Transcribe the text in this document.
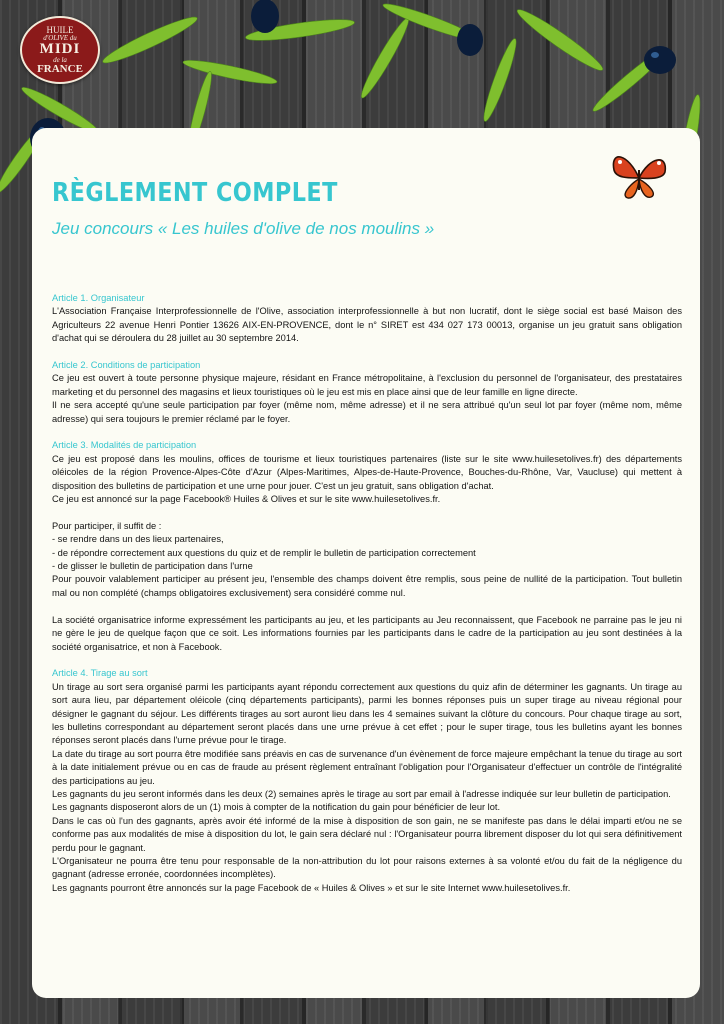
HUILE
d'OLIVE du
MIDI
de la
FRANCE
RÈGLEMENT COMPLET
Jeu concours « Les huiles d'olive de nos moulins »
Article 1. Organisateur

L'Association Française Interprofessionnelle de l'Olive, association interprofessionnelle à but non lucratif, dont le siège social est basé Maison des Agriculteurs 22 avenue Henri Pontier 13626 AIX-EN-PROVENCE, dont le n° SIRET est 434 027 173 00013, organise un jeu gratuit sans obligation d'achat qui se déroulera du 28 juillet au 30 septembre 2014.

Article 2. Conditions de participation

Ce jeu est ouvert à toute personne physique majeure, résidant en France métropolitaine, à l'exclusion du personnel de l'organisateur, des prestataires marketing et du personnel des magasins et lieux touristiques où le jeu est mis en place ainsi que de leur famille en ligne directe.

Il ne sera accepté qu'une seule participation par foyer (même nom, même adresse) et il ne sera attribué qu'un seul lot par foyer (même nom, même adresse) qui sera toujours le premier réclamé par le foyer.

Article 3. Modalités de participation

Ce jeu est proposé dans les moulins, offices de tourisme et lieux touristiques partenaires (liste sur le site www.huilesetolives.fr) des départements oléicoles de la région Provence-Alpes-Côte d'Azur (Alpes-Maritimes, Alpes-de-Haute-Provence, Bouches-du-Rhône, Var, Vaucluse) qui mettent à disposition des bulletins de participation et une urne pour jouer. C'est un jeu gratuit, sans obligation d'achat.

Ce jeu est annoncé sur la page Facebook® Huiles & Olives et sur le site www.huilesetolives.fr.

Pour participer, il suffit de :

- se rendre dans un des lieux partenaires,
- de répondre correctement aux questions du quiz et de remplir le bulletin de participation correctement
- de glisser le bulletin de participation dans l'urne

Pour pouvoir valablement participer au présent jeu, l'ensemble des champs doivent être remplis, sous peine de nullité de la participation. Tout bulletin mal ou non complété (champs obligatoires exclusivement) sera considéré comme nul.

La société organisatrice informe expressément les participants au jeu, et les participants au Jeu reconnaissent, que Facebook ne parraine pas le jeu ni ne gère le jeu de quelque façon que ce soit. Les informations fournies par les participants dans le cadre de la participation au jeu sont destinées à la société organisatrice, et non à Facebook.

Article 4. Tirage au sort

Un tirage au sort sera organisé parmi les participants ayant répondu correctement aux questions du quiz afin de déterminer les gagnants. Un tirage au sort aura lieu, par département oléicole (cinq départements participants), parmi les bonnes réponses puis un super tirage au niveau régional pour désigner le gagnant du séjour. Les différents tirages au sort auront lieu dans les 4 semaines suivant la clôture du concours. Pour chaque tirage au sort, les bulletins correspondant au département seront placés dans une urne prévue à cet effet ; pour le super tirage, tous les bulletins ayant les bonnes réponses seront placés dans l'urne prévue pour le tirage.

La date du tirage au sort pourra être modifiée sans préavis en cas de survenance d'un évènement de force majeure empêchant la tenue du tirage au sort à la date initialement prévue ou en cas de fraude au présent règlement entraînant l'obligation pour l'Organisateur d'effectuer un contrôle de l'intégralité des participations au jeu.

Les gagnants du jeu seront informés dans les deux (2) semaines après le tirage au sort par email à l'adresse indiquée sur leur bulletin de participation.

Les gagnants disposeront alors de un (1) mois à compter de la notification du gain pour bénéficier de leur lot.

Dans le cas où l'un des gagnants, après avoir été informé de la mise à disposition de son gain, ne se manifeste pas dans le délai imparti et/ou ne se conforme pas aux modalités de mise à disposition du lot, le gain sera déclaré nul : l'Organisateur pourra librement disposer du lot qui sera définitivement perdu pour le gagnant.

L'Organisateur ne pourra être tenu pour responsable de la non-attribution du lot pour raisons externes à sa volonté et/ou du fait de la négligence du gagnant (adresse erronée, coordonnées incomplètes).

Les gagnants pourront être annoncés sur la page Facebook de « Huiles & Olives » et sur le site Internet www.huilesetolives.fr.
